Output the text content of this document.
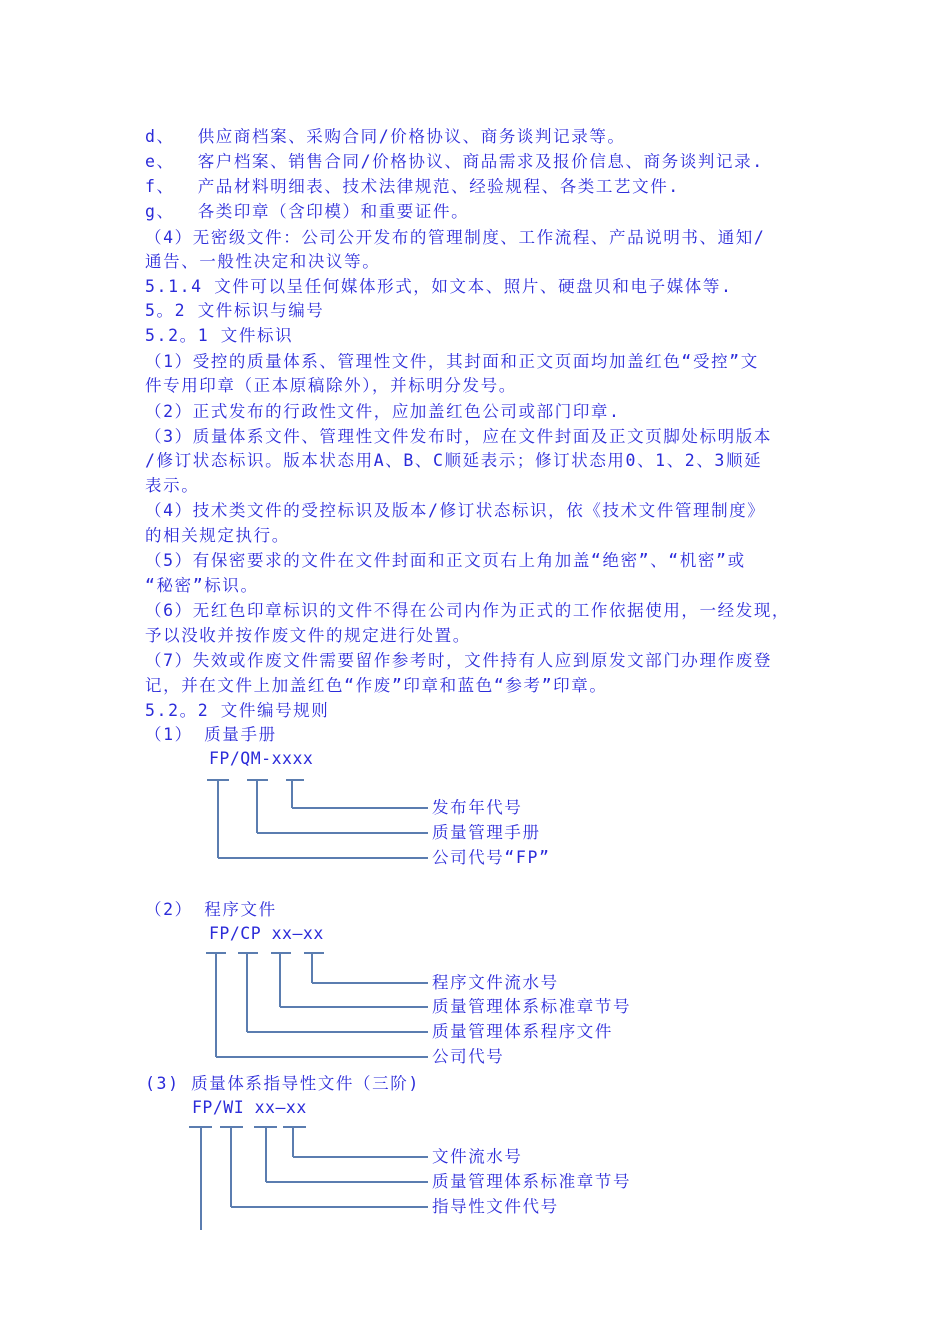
d、  供应商档案、采购合同/价格协议、商务谈判记录等。
e、  客户档案、销售合同/价格协议、商品需求及报价信息、商务谈判记录.
f、  产品材料明细表、技术法律规范、经验规程、各类工艺文件.
g、  各类印章（含印模）和重要证件。
（4）无密级文件：公司公开发布的管理制度、工作流程、产品说明书、通知/
通告、一般性决定和决议等。
5.1.4 文件可以呈任何媒体形式，如文本、照片、硬盘贝和电子媒体等.
5。2 文件标识与编号
5.2。1 文件标识
（1）受控的质量体系、管理性文件，其封面和正文页面均加盖红色“受控”文
件专用印章（正本原稿除外），并标明分发号。
（2）正式发布的行政性文件，应加盖红色公司或部门印章.
（3）质量体系文件、管理性文件发布时，应在文件封面及正文页脚处标明版本
/修订状态标识。版本状态用A、B、C顺延表示；修订状态用0、1、2、3顺延
表示。
（4）技术类文件的受控标识及版本/修订状态标识，依《技术文件管理制度》
的相关规定执行。
（5）有保密要求的文件在文件封面和正文页右上角加盖“绝密”、“机密”或
“秘密”标识。
（6）无红色印章标识的文件不得在公司内作为正式的工作依据使用，一经发现，
予以没收并按作废文件的规定进行处置。
（7）失效或作废文件需要留作参考时，文件持有人应到原发文部门办理作废登
记，并在文件上加盖红色“作废”印章和蓝色“参考”印章。
5.2。2 文件编号规则
（1） 质量手册
FP/QM-xxxx
发布年代号
质量管理手册
公司代号“FP”
（2） 程序文件
FP/CP xx—xx
程序文件流水号
质量管理体系标准章节号
质量管理体系程序文件
公司代号
(3) 质量体系指导性文件（三阶)
FP/WI xx—xx
文件流水号
质量管理体系标准章节号
指导性文件代号
